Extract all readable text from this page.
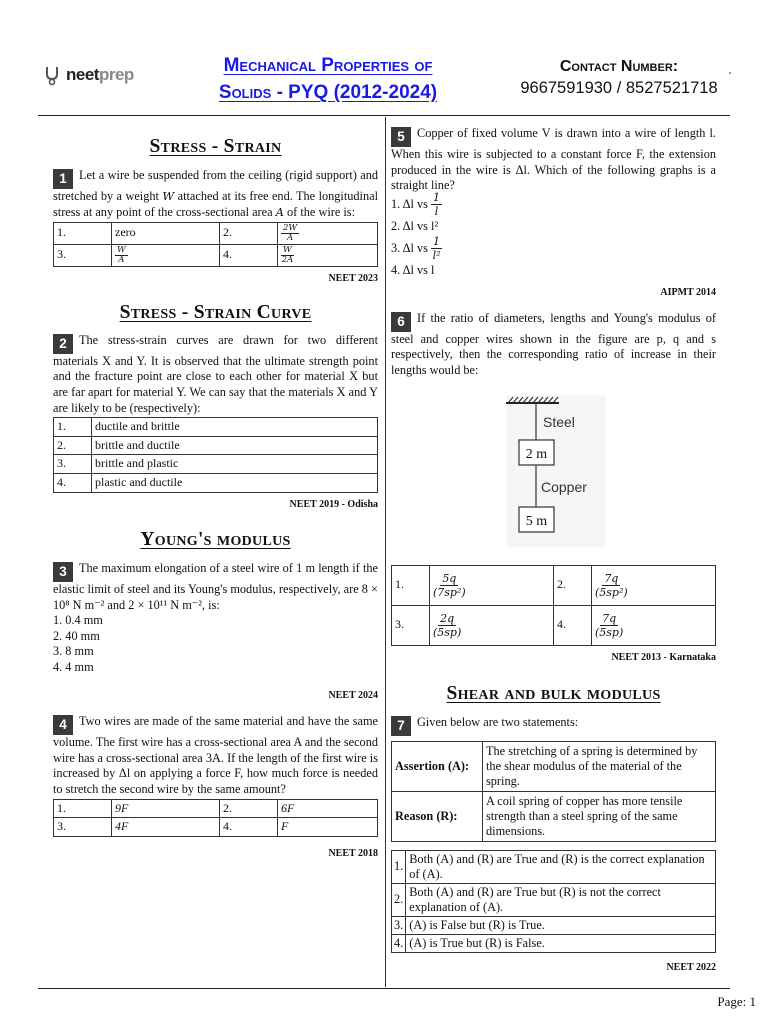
neetprep	Mechanical Properties of
Solids - PYQ (2012-2024)
Contact Number:
9667591930 / 8527521718
Stress - Strain
1 Let a wire be suspended from the ceiling (rigid support) and stretched by a weight W attached at its free end. The longitudinal stress at any point of the cross-sectional area A of the wire is:
1.	zero	2.	$\frac{2W}{A}$

3.	$\frac{W}{A}$	4.	$\frac{W}{2A}$
NEET 2023
Stress - Strain Curve
2 The stress-strain curves are drawn for two different materials X and Y. It is observed that the ultimate strength point and the fracture point are close to each other for material X but are far apart for material Y. We can say that the materials X and Y are likely to be (respectively):
1.	ductile and brittle
2.	brittle and ductile
3.	brittle and plastic
4.	plastic and ductile
NEET 2019 - Odisha
Young's modulus
3 The maximum elongation of a steel wire of 1 m length if the elastic limit of steel and its Young's modulus, respectively, are 8 × 10⁸ N m⁻² and 2 × 10¹¹ N m⁻², is:
1. 0.4 mm
2. 40 mm
3. 8 mm
4. 4 mm
NEET 2024
4 Two wires are made of the same material and have the same volume. The first wire has a cross-sectional area A and the second wire has a cross-sectional area 3A. If the length of the first wire is increased by Δl on applying a force F, how much force is needed to stretch the second wire by the same amount?
1.	9F	2.	6F
3.	4F	4.	F
NEET 2018
5 Copper of fixed volume V is drawn into a wire of length l. When this wire is subjected to a constant force F, the extension produced in the wire is Δl. Which of the following graphs is a straight line?
1. Δl vs
$\frac{1}{l}$
2. Δl vs l²
3. Δl vs
$\frac{1}{\text{l²}}$
4. Δl vs l
AIPMT 2014
6 If the ratio of diameters, lengths and Young's modulus of steel and copper wires shown in the figure are p, q and s respectively, then the corresponding ratio of increase in their lengths would be:
Steel
2 m
Copper
5 m
1.	$\frac{5q}{\text{(7sp²)}}$	2.	$\frac{7q}{\text{(5sp²)}}$

3.	$\frac{2q}{(5sp)}$	4.	$\frac{7q}{(5sp)}$
NEET 2013 - Karnataka
Shear and bulk modulus
7 Given below are two statements:
Assertion (A):	The stretching of a spring is determined by the shear modulus of the material of the spring.
Reason (R):	A coil spring of copper has more tensile strength than a steel spring of the same dimensions.
1.	Both (A) and (R) are True and (R) is the correct explanation of (A).
2.	Both (A) and (R) are True but (R) is not the correct explanation of (A).
3.	(A) is False but (R) is True.
4.	(A) is True but (R) is False.
NEET 2022
Page: 1
